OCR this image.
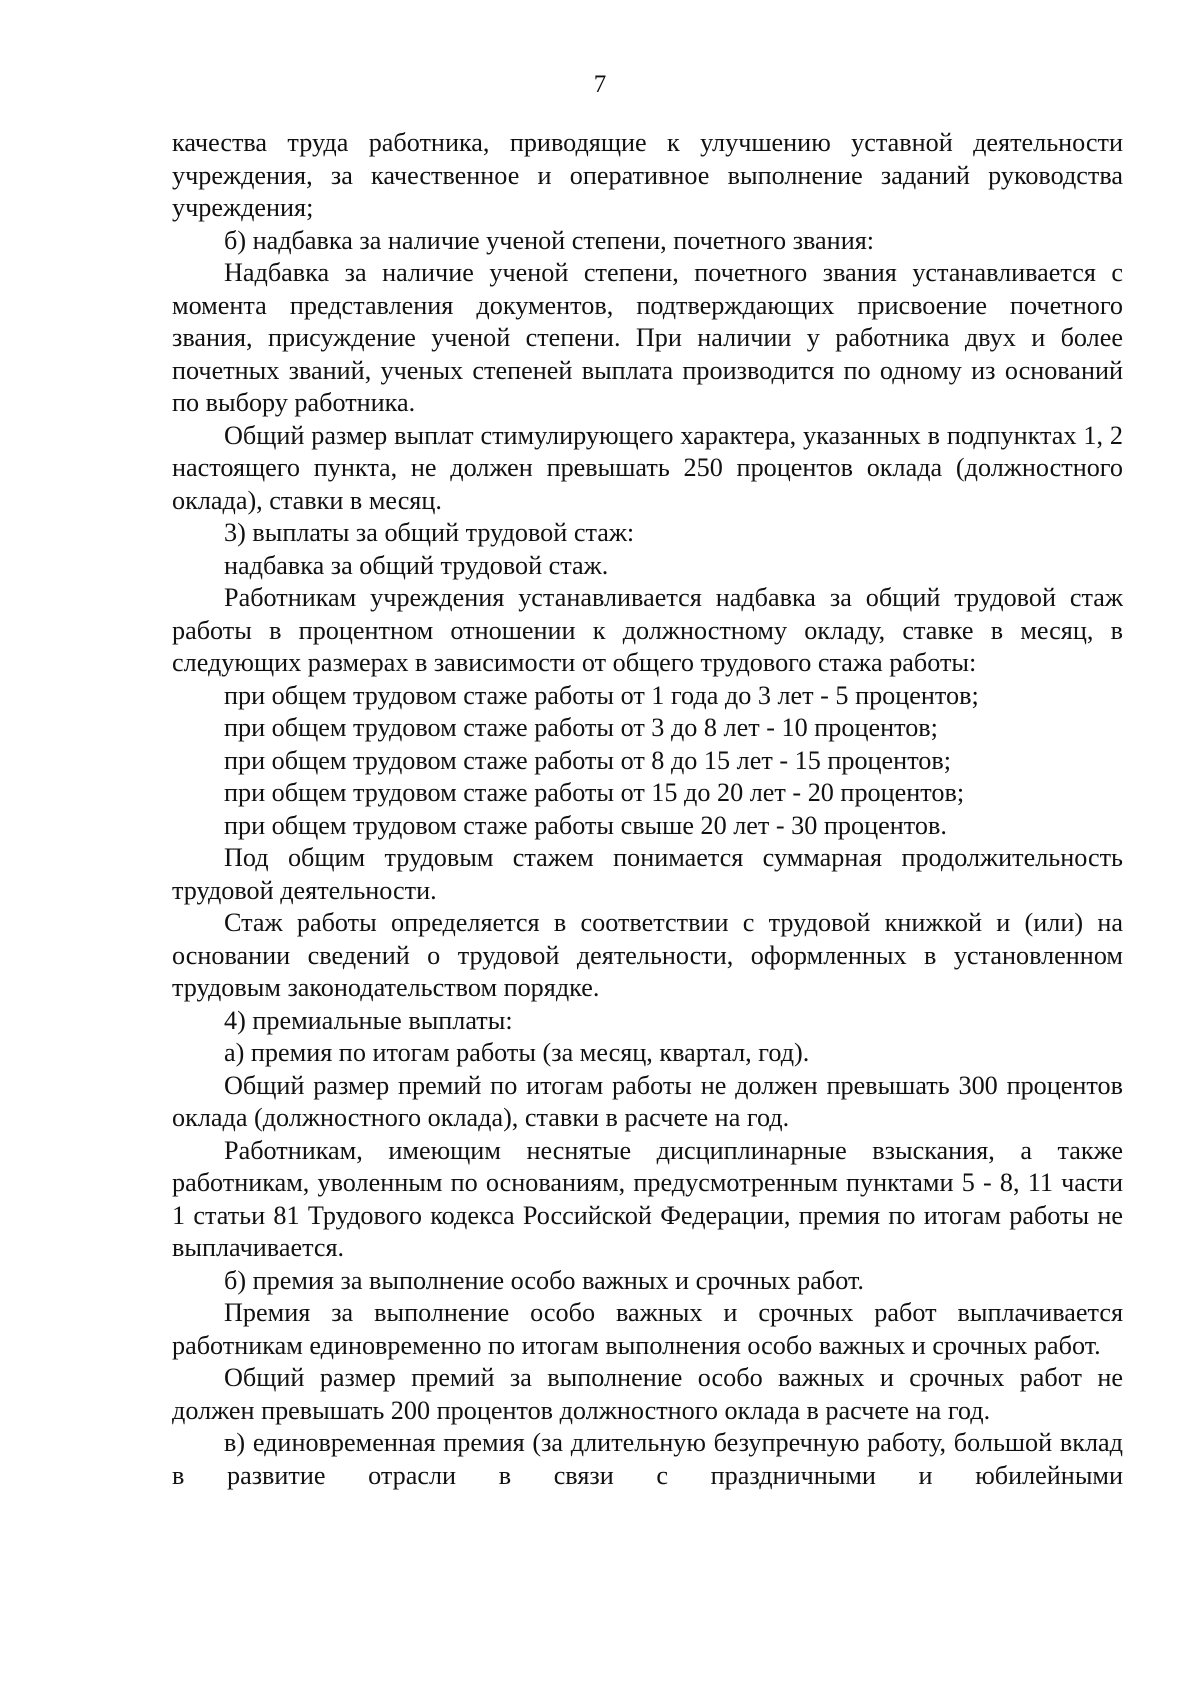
7

качества труда работника, приводящие к улучшению уставной деятельности учреждения, за качественное и оперативное выполнение заданий руководства учреждения;

б) надбавка за наличие ученой степени, почетного звания:

Надбавка за наличие ученой степени, почетного звания устанавливается с момента представления документов, подтверждающих присвоение почетного звания, присуждение ученой степени. При наличии у работника двух и более почетных званий, ученых степеней выплата производится по одному из оснований по выбору работника.

Общий размер выплат стимулирующего характера, указанных в подпунктах 1, 2 настоящего пункта, не должен превышать 250 процентов оклада (должностного оклада), ставки в месяц.

3) выплаты за общий трудовой стаж:

надбавка за общий трудовой стаж.

Работникам учреждения устанавливается надбавка за общий трудовой стаж работы в процентном отношении к должностному окладу, ставке в месяц, в следующих размерах в зависимости от общего трудового стажа работы:

при общем трудовом стаже работы от 1 года до 3 лет - 5 процентов;

при общем трудовом стаже работы от 3 до 8 лет - 10 процентов;

при общем трудовом стаже работы от 8 до 15 лет - 15 процентов;

при общем трудовом стаже работы от 15 до 20 лет - 20 процентов;

при общем трудовом стаже работы свыше 20 лет - 30 процентов.

Под общим трудовым стажем понимается суммарная продолжительность трудовой деятельности.

Стаж работы определяется в соответствии с трудовой книжкой и (или) на основании сведений о трудовой деятельности, оформленных в установленном трудовым законодательством порядке.

4) премиальные выплаты:

а) премия по итогам работы (за месяц, квартал, год).

Общий размер премий по итогам работы не должен превышать 300 процентов оклада (должностного оклада), ставки в расчете на год.

Работникам, имеющим неснятые дисциплинарные взыскания, а также работникам, уволенным по основаниям, предусмотренным пунктами 5 - 8, 11 части 1 статьи 81 Трудового кодекса Российской Федерации, премия по итогам работы не выплачивается.

б) премия за выполнение особо важных и срочных работ.

Премия за выполнение особо важных и срочных работ выплачивается работникам единовременно по итогам выполнения особо важных и срочных работ.

Общий размер премий за выполнение особо важных и срочных работ не должен превышать 200 процентов должностного оклада в расчете на год.

в) единовременная премия (за длительную безупречную работу, большой вклад в развитие отрасли в связи с праздничными и юбилейными
